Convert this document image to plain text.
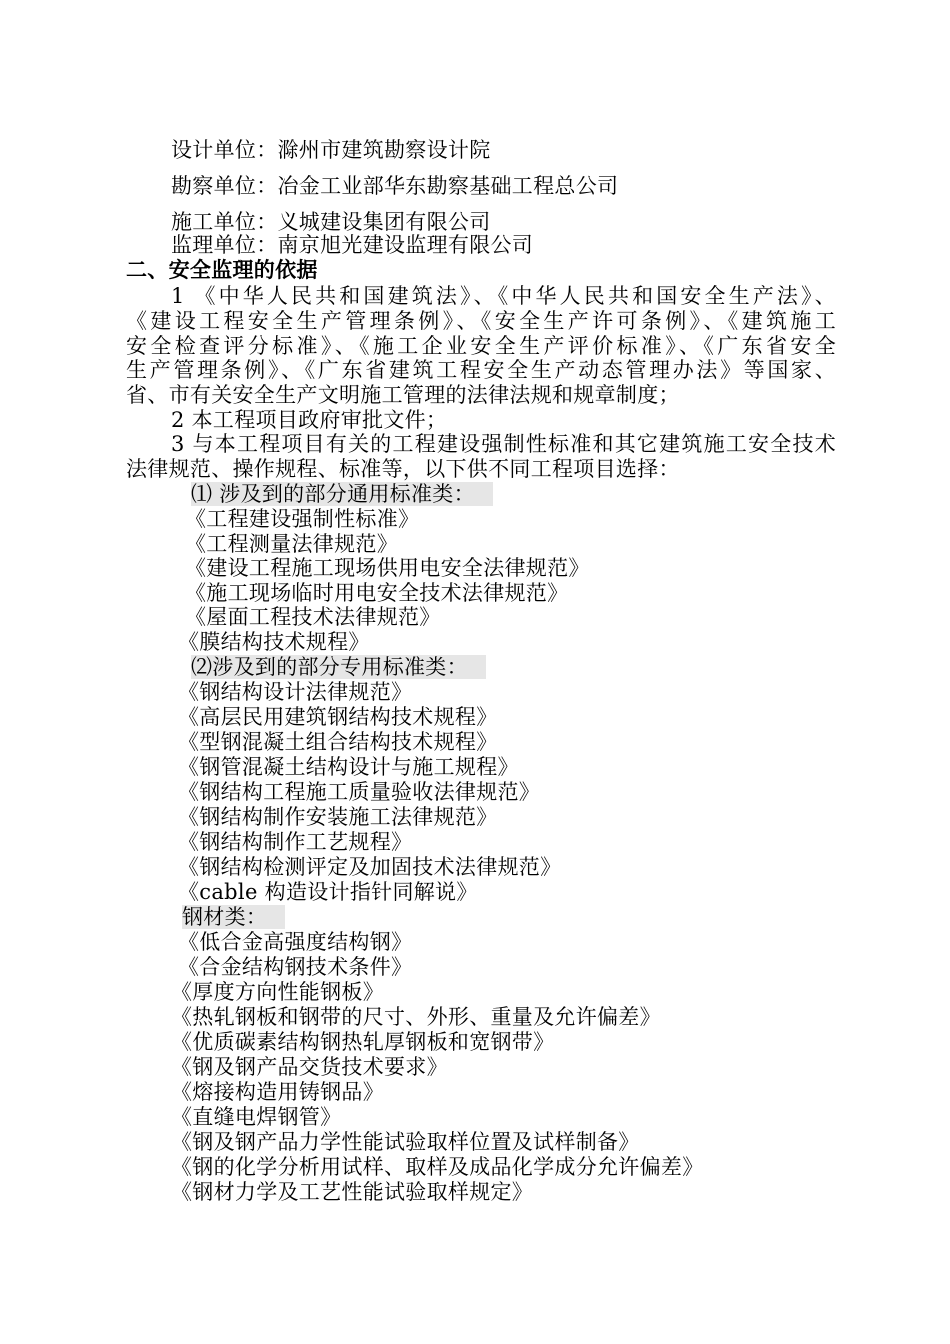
设计单位：滁州市建筑勘察设计院
勘察单位：冶金工业部华东勘察基础工程总公司
施工单位：义城建设集团有限公司
监理单位：南京旭光建设监理有限公司
二、安全监理的依据
1 《中华人民共和国建筑法》、《中华人民共和国安全生产法》、
《建设工程安全生产管理条例》、《安全生产许可条例》、《建筑施工
安全检查评分标准》、《施工企业安全生产评价标准》、《广东省安全
生产管理条例》、《广东省建筑工程安全生产动态管理办法》等国家、
省、市有关安全生产文明施工管理的法律法规和规章制度；
2 本工程项目政府审批文件；
3 与本工程项目有关的工程建设强制性标准和其它建筑施工安全技术
法律规范、操作规程、标准等，以下供不同工程项目选择：
⑴ 涉及到的部分通用标准类：
《工程建设强制性标准》
《工程测量法律规范》
《建设工程施工现场供用电安全法律规范》
《施工现场临时用电安全技术法律规范》
《屋面工程技术法律规范》
《膜结构技术规程》
⑵涉及到的部分专用标准类：
《钢结构设计法律规范》
《高层民用建筑钢结构技术规程》
《型钢混凝土组合结构技术规程》
《钢管混凝土结构设计与施工规程》
《钢结构工程施工质量验收法律规范》
《钢结构制作安装施工法律规范》
《钢结构制作工艺规程》
《钢结构检测评定及加固技术法律规范》
《cable 构造设计指针同解说》
钢材类：
《低合金高强度结构钢》
《合金结构钢技术条件》
《厚度方向性能钢板》
《热轧钢板和钢带的尺寸、外形、重量及允许偏差》
《优质碳素结构钢热轧厚钢板和宽钢带》
《钢及钢产品交货技术要求》
《熔接构造用铸钢品》
《直缝电焊钢管》
《钢及钢产品力学性能试验取样位置及试样制备》
《钢的化学分析用试样、取样及成品化学成分允许偏差》
《钢材力学及工艺性能试验取样规定》
